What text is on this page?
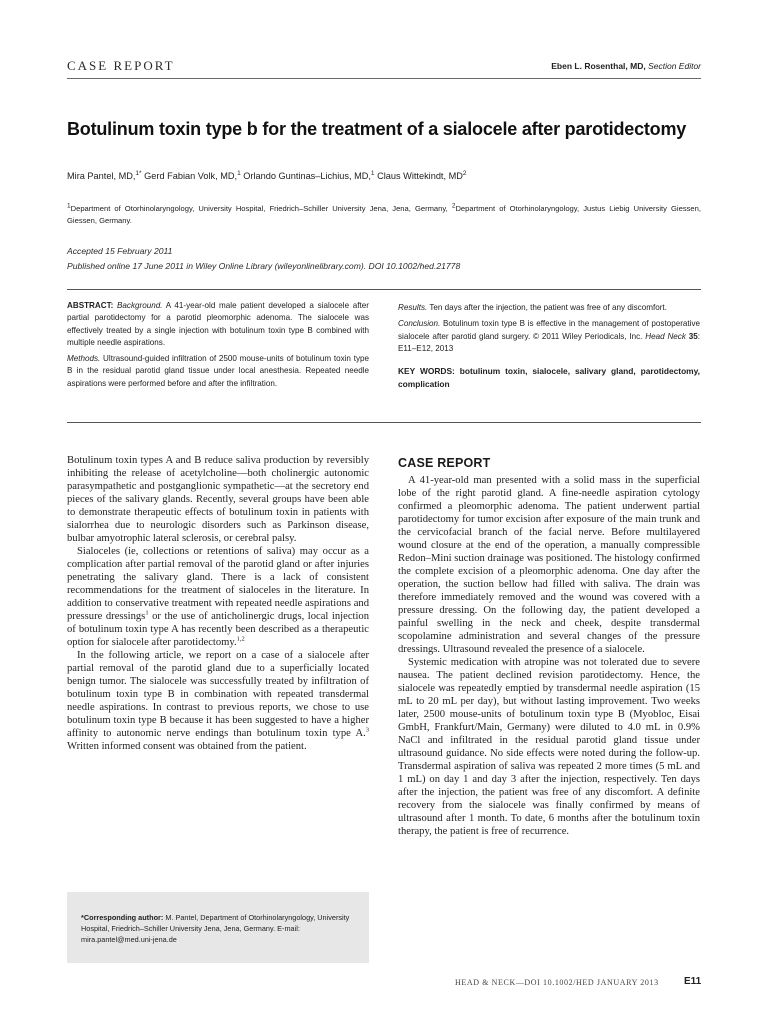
CASE REPORT	Eben L. Rosenthal, MD, Section Editor
Botulinum toxin type b for the treatment of a sialocele after parotidectomy
Mira Pantel, MD,$^{1*}$ Gerd Fabian Volk, MD,$^1$ Orlando Guntinas–Lichius, MD,$^1$ Claus Wittekindt, $MD^2$
$^1$Department of Otorhinolaryngology, University Hospital, Friedrich–Schiller University Jena, Jena, Germany, $^2$Department of Otorhinolaryngology, Justus Liebig University Giessen, Giessen, Germany.
Accepted 15 February 2011
Published online 17 June 2011 in Wiley Online Library (wileyonlinelibrary.com). DOI 10.1002/hed.21778

ABSTRACT: Background. A 41-year-old male patient developed a sialocele after partial parotidectomy for a parotid pleomorphic adenoma. The sialocele was effectively treated by a single injection with botulinum toxin type B combined with multiple needle aspirations.

Methods. Ultrasound-guided infiltration of 2500 mouse-units of botulinum toxin type B in the residual parotid gland tissue under local anesthesia. Repeated needle aspirations were performed before and after the infiltration.

Results. Ten days after the injection, the patient was free of any discomfort.

Conclusion. Botulinum toxin type B is effective in the management of postoperative sialocele after parotid gland surgery. © 2011 Wiley Periodicals, Inc. Head Neck 35: E11–E12, 2013

KEY WORDS: botulinum toxin, sialocele, salivary gland, parotidectomy, complication

Botulinum toxin types A and B reduce saliva production by reversibly inhibiting the release of acetylcholine—both cholinergic autonomic parasympathetic and postganglionic sympathetic—at the secretory end pieces of the salivary glands. Recently, several groups have been able to demonstrate therapeutic effects of botulinum toxin in patients with sialorrhea due to neurologic disorders such as Parkinson disease, bulbar amyotrophic lateral sclerosis, or cerebral palsy.

Sialoceles (ie, collections or retentions of saliva) may occur as a complication after partial removal of the parotid gland or after injuries penetrating the salivary gland. There is a lack of consistent recommendations for the treatment of sialoceles in the literature. In addition to conservative treatment with repeated needle aspirations and pressure dressings$^1$ or the use of anticholinergic drugs, local injection of botulinum toxin type A has recently been described as a therapeutic option for sialocele after parotidectomy.$^{1,2}$

In the following article, we report on a case of a sialocele after partial removal of the parotid gland due to a superficially located benign tumor. The sialocele was successfully treated by infiltration of botulinum toxin type B in combination with repeated transdermal needle aspirations. In contrast to previous reports, we chose to use botulinum toxin type B because it has been suggested to have a higher affinity to autonomic nerve endings than botulinum toxin type A.$^3$ Written informed consent was obtained from the patient.

*Corresponding author: M. Pantel, Department of Otorhinolaryngology, University Hospital, Friedrich–Schiller University Jena, Jena, Germany. E-mail: mira.pantel@med.uni-jena.de
CASE REPORT

A 41-year-old man presented with a solid mass in the superficial lobe of the right parotid gland. A fine-needle aspiration cytology confirmed a pleomorphic adenoma. The patient underwent partial parotidectomy for tumor excision after exposure of the main trunk and the cervicofacial branch of the facial nerve. Before multilayered wound closure at the end of the operation, a manually compressible Redon–Mini suction drainage was positioned. The histology confirmed the complete excision of a pleomorphic adenoma. One day after the operation, the suction bellow had filled with saliva. The drain was therefore immediately removed and the wound was covered with a pressure dressing. On the following day, the patient developed a painful swelling in the neck and cheek, despite transdermal scopolamine administration and several changes of the pressure dressings. Ultrasound revealed the presence of a sialocele.

Systemic medication with atropine was not tolerated due to severe nausea. The patient declined revision parotidectomy. Hence, the sialocele was repeatedly emptied by transdermal needle aspiration (15 mL to 20 mL per day), but without lasting improvement. Two weeks later, 2500 mouse-units of botulinum toxin type B (Myobloc, Eisai GmbH, Frankfurt/Main, Germany) were diluted to 4.0 mL in 0.9% NaCl and infiltrated in the residual parotid gland tissue under ultrasound guidance. No side effects were noted during the follow-up. Transdermal aspiration of saliva was repeated 2 more times (5 mL and 1 mL) on day 1 and day 3 after the injection, respectively. Ten days after the injection, the patient was free of any discomfort. A definite recovery from the sialocele was finally confirmed by means of ultrasound after 1 month. To date, 6 months after the botulinum toxin therapy, the patient is free of recurrence.

HEAD & NECK—DOI 10.1002/HED JANUARY 2013	E11
